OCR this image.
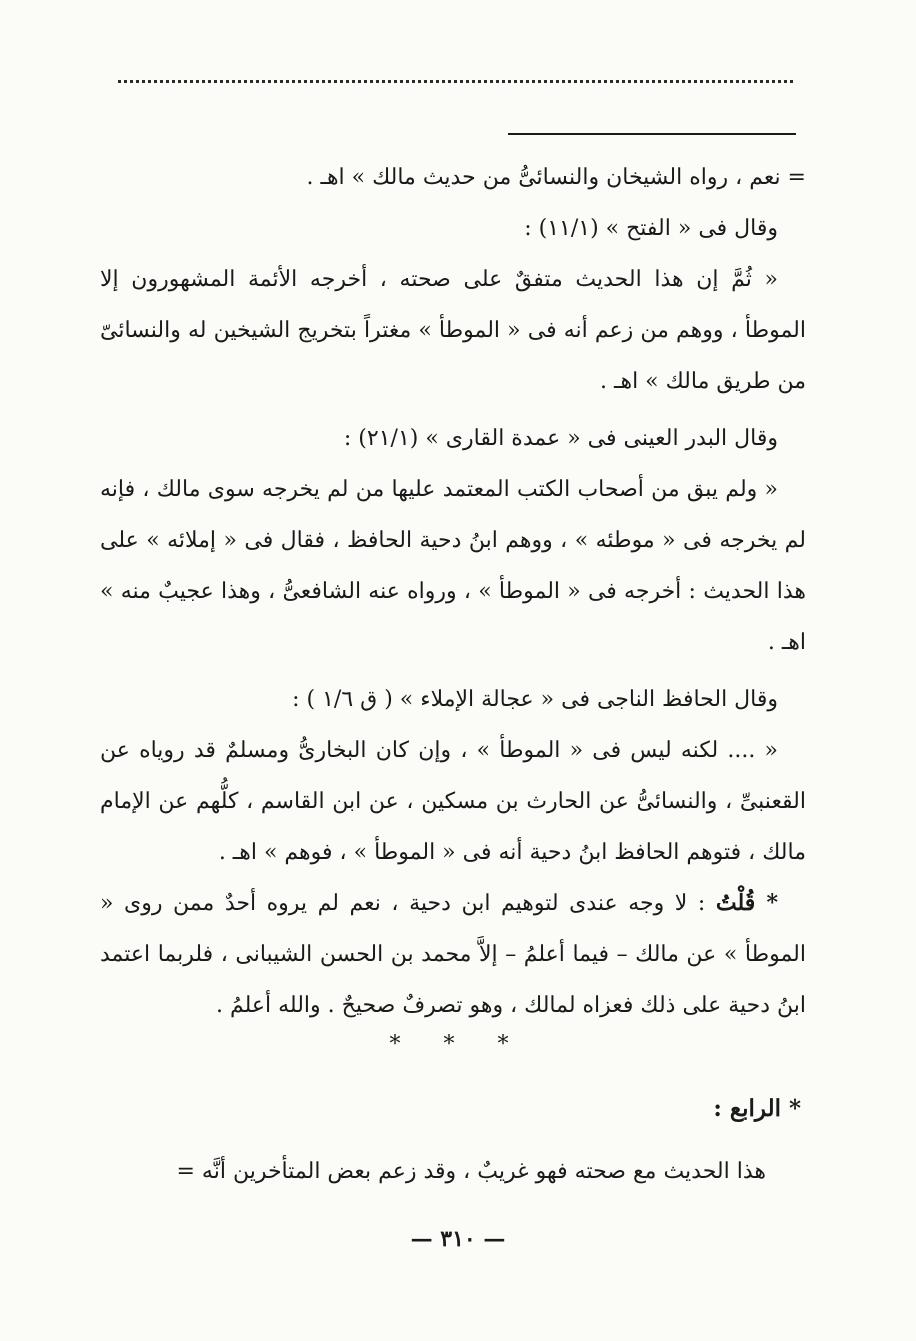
= نعم ، رواه الشيخان والنسائىُّ من حديث مالك » اهـ .

وقال فى « الفتح » (١١/١) :

« ثُمَّ إن هذا الحديث متفقٌ على صحته ، أخرجه الأئمة المشهورون إلا الموطأ ، ووهم من زعم أنه فى « الموطأ » مغتراً بتخريج الشيخين له والنسائىّ من طريق مالك » اهـ .

وقال البدر العينى فى « عمدة القارى » (٢١/١) :

« ولم يبق من أصحاب الكتب المعتمد عليها من لم يخرجه سوى مالك ، فإنه لم يخرجه فى « موطئه » ، ووهم ابنُ دحية الحافظ ، فقال فى « إملائه » على هذا الحديث : أخرجه فى « الموطأ » ، ورواه عنه الشافعىُّ ، وهذا عجيبٌ منه » اهـ .

وقال الحافظ الناجى فى « عجالة الإملاء » ( ق ١/٦ ) :

« .... لكنه ليس فى « الموطأ » ، وإن كان البخارىُّ ومسلمٌ قد روياه عن القعنبىِّ ، والنسائىُّ عن الحارث بن مسكين ، عن ابن القاسم ، كلُّهم عن الإمام مالك ، فتوهم الحافظ ابنُ دحية أنه فى « الموطأ » ، فوهم » اهـ .

* قُلْتُ : لا وجه عندى لتوهيم ابن دحية ، نعم لم يروه أحدٌ ممن روى « الموطأ » عن مالك – فيما أعلمُ – إلاَّ محمد بن الحسن الشيبانى ، فلربما اعتمد ابنُ دحية على ذلك فعزاه لمالك ، وهو تصرفٌ صحيحٌ . والله أعلمُ .

* * *
* الرابع :
هذا الحديث مع صحته فهو غريبٌ ، وقد زعم بعض المتأخرين أنَّه =
— ٣١٠ —
